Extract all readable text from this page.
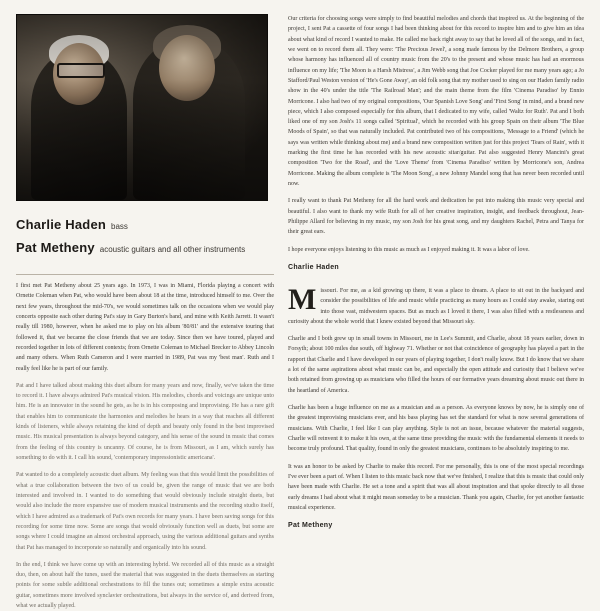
Charlie Haden bass
Pat Metheny acoustic guitars and all other instruments

I first met Pat Metheny about 25 years ago. In 1973, I was in Miami, Florida playing a concert with Ornette Coleman when Pat, who would have been about 18 at the time, introduced himself to me. Over the next few years, throughout the mid-70's, we would sometimes talk on the occasions when we would play concerts opposite each other during Pat's stay in Gary Burton's band, and mine with Keith Jarrett. It wasn't really till 1980, however, when he asked me to play on his album '80/81' and the extensive touring that followed it, that we became the close friends that we are today. Since then we have toured, played and recorded together in lots of different contexts; from Ornette Coleman to Michael Brecker to Abbey Lincoln and many others. When Ruth Cameron and I were married in 1989, Pat was my 'best man'. Ruth and I really feel like he is part of our family.

Pat and I have talked about making this duet album for many years and now, finally, we've taken the time to record it. I have always admired Pat's musical vision. His melodies, chords and voicings are unique unto him. He is an innovator in the sound he gets, as he is in his composing and improvising. He has a rare gift that enables him to communicate the harmonies and melodies he hears in a way that reaches all different kinds of listeners, while always retaining the kind of depth and beauty only found in the best improvised music. His musical presentation is always beyond category, and his sense of the sound in music that comes from the feeling of this country is uncanny. Of course, he is from Missouri, as I am, which surely has something to do with it. I call his sound, 'contemporary impressionistic americana'.

Pat wanted to do a completely acoustic duet album. My feeling was that this would limit the possibilities of what a true collaboration between the two of us could be, given the range of music that we are both interested and involved in. I wanted to do something that would obviously include straight duets, but would also include the more expansive use of modern musical instruments and the recording studio itself, which I have admired as a trademark of Pat's own records for many years. I have been saving songs for this recording for some time now. Some are songs that would obviously function well as duets, but some are songs where I could imagine an almost orchestral approach, using the various additional guitars and synths that Pat has managed to incorporate so naturally and organically into his sound.

In the end, I think we have come up with an interesting hybrid. We recorded all of this music as a straight duo, then, on about half the tunes, used the material that was suggested in the duets themselves as starting points for some subtle additional orchestrations to fill the tunes out; sometimes a simple extra acoustic guitar, sometimes more involved synclavier orchestrations, but always in the service of, and derived from, what we actually played.

Our criteria for choosing songs were simply to find beautiful melodies and chords that inspired us. At the beginning of the project, I sent Pat a cassette of four songs I had been thinking about for this record to inspire him and to give him an idea about what kind of record I wanted to make. He called me back right away to say that he loved all of the songs, and in fact, we went on to record them all. They were: 'The Precious Jewel', a song made famous by the Delmore Brothers, a group whose harmony has influenced all of country music from the 20's to the present and whose music has had an enormous influence on my life; 'The Moon is a Harsh Mistress', a Jim Webb song that Joe Cocker played for me many years ago; a Jo Stafford/Paul Weston version of 'He's Gone Away', an old folk song that my mother used to sing on our Haden family radio show in the 40's under the title 'The Railroad Man'; and the main theme from the film 'Cinema Paradiso' by Ennio Morricone. I also had two of my original compositions, 'Our Spanish Love Song' and 'First Song' in mind, and a brand new piece, which I also composed especially for this album, that I dedicated to my wife, called 'Waltz for Ruth'. Pat and I both liked one of my son Josh's 11 songs called 'Spiritual', which he recorded with his group Spain on their album 'The Blue Moods of Spain', so that was naturally included. Pat contributed two of his compositions, 'Message to a Friend' (which he says was written while thinking about me) and a brand new composition written just for this project 'Tears of Rain', with it marking the first time he has recorded with his new acoustic sitar/guitar. Pat also suggested Henry Mancini's great composition 'Two for the Road', and the 'Love Theme' from 'Cinema Paradiso' written by Morricone's son, Andrea Morricone. Making the album complete is 'The Moon Song', a new Johnny Mandel song that has never been recorded until now.

I really want to thank Pat Metheny for all the hard work and dedication he put into making this music very special and beautiful. I also want to thank my wife Ruth for all of her creative inspiration, insight, and feedback throughout, Jean-Philippe Allard for believing in my music, my son Josh for his great song, and my daughters Rachel, Petra and Tanya for their great ears.

I hope everyone enjoys listening to this music as much as I enjoyed making it. It was a labor of love.

Charlie Haden
M issouri. For me, as a kid growing up there, it was a place to dream. A place to sit out in the backyard and consider the possibilities of life and music while practicing as many hours as I could stay awake, staring out into those vast, midwestern spaces. But as much as I loved it there, I was also filled with a restlessness and curiosity about the whole world that I knew existed beyond that Missouri sky.

Charlie and I both grew up in small towns in Missouri, me in Lee's Summit, and Charlie, about 18 years earlier, down in Forsyth; about 100 miles due south, off highway 71. Whether or not that coincidence of geography has played a part in the rapport that Charlie and I have developed in our years of playing together, I don't really know. But I do know that we share a lot of the same aspirations about what music can be, and especially the open attitude and curiosity that I believe we've both retained from growing up as musicians who filled the hours of our formative years dreaming about music out there in the heartland of America.

Charlie has been a huge influence on me as a musician and as a person. As everyone knows by now, he is simply one of the greatest improvising musicians ever, and his bass playing has set the standard for what is now several generations of musicians. With Charlie, I feel like I can play anything. Style is not an issue, because whatever the material suggests, Charlie will reinvent it to make it his own, at the same time providing the music with the fundamental elements it needs to become truly profound. That quality, found in only the greatest musicians, continues to be absolutely inspiring to me.

It was an honor to be asked by Charlie to make this record. For me personally, this is one of the most special recordings I've ever been a part of. When I listen to this music back now that we've finished, I realize that this is music that could only have been made with Charlie. He set a tone and a spirit that was all about inspiration and that spoke directly to all those early dreams I had about what it might mean someday to be a musician. Thank you again, Charlie, for yet another fantastic musical experience.

Pat Metheny
